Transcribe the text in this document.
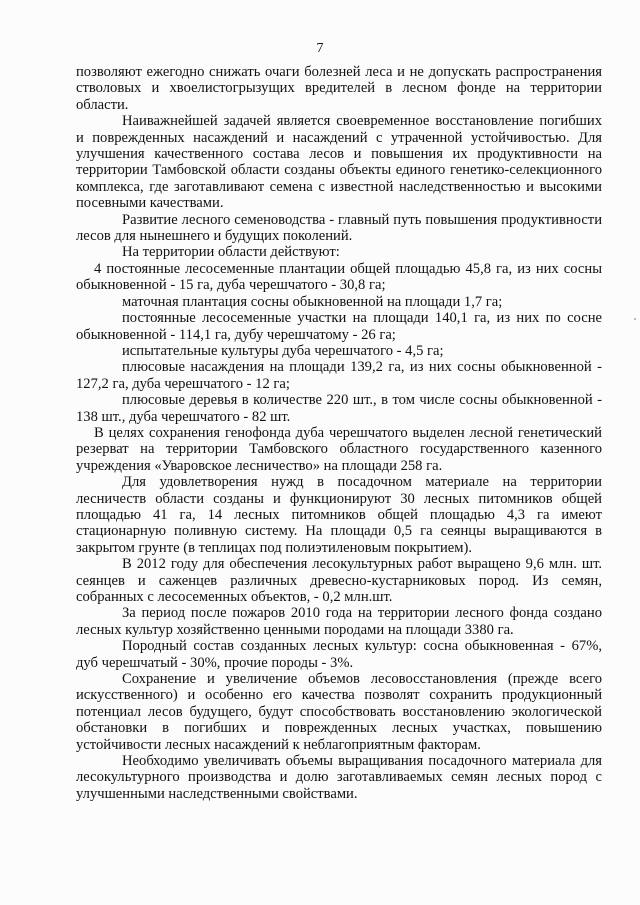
7

позволяют ежегодно снижать очаги болезней леса и не допускать распространения стволовых и хвоелистогрызущих вредителей в лесном фонде на территории области.

Наиважнейшей задачей является своевременное восстановление погибших и поврежденных насаждений и насаждений с утраченной устойчивостью. Для улучшения качественного состава лесов и повышения их продуктивности на территории Тамбовской области созданы объекты единого генетико-селекционного комплекса, где заготавливают семена с известной наследственностью и высокими посевными качествами.

Развитие лесного семеноводства - главный путь повышения продуктивности лесов для нынешнего и будущих поколений.

На территории области действуют:

4 постоянные лесосеменные плантации общей площадью 45,8 га, из них сосны обыкновенной - 15 га, дуба черешчатого - 30,8 га;

маточная плантация сосны обыкновенной на площади 1,7 га;

постоянные лесосеменные участки на площади 140,1 га, из них по сосне обыкновенной - 114,1 га, дубу черешчатому - 26 га;

испытательные культуры дуба черешчатого - 4,5 га;

плюсовые насаждения на площади 139,2 га, из них сосны обыкновенной - 127,2 га, дуба черешчатого - 12 га;

плюсовые деревья в количестве 220 шт., в том числе сосны обыкновенной - 138 шт., дуба черешчатого - 82 шт.

В целях сохранения генофонда дуба черешчатого выделен лесной генетический резерват на территории Тамбовского областного государственного казенного учреждения «Уваровское лесничество» на площади 258 га.

Для удовлетворения нужд в посадочном материале на территории лесничеств области созданы и функционируют 30 лесных питомников общей площадью 41 га, 14 лесных питомников общей площадью 4,3 га имеют стационарную поливную систему. На площади 0,5 га сеянцы выращиваются в закрытом грунте (в теплицах под полиэтиленовым покрытием).

В 2012 году для обеспечения лесокультурных работ выращено 9,6 млн. шт. сеянцев и саженцев различных древесно-кустарниковых пород. Из семян, собранных с лесосеменных объектов, - 0,2 млн.шт.

За период после пожаров 2010 года на территории лесного фонда создано лесных культур хозяйственно ценными породами на площади 3380 га.

Породный состав созданных лесных культур: сосна обыкновенная - 67%, дуб черешчатый - 30%, прочие породы - 3%.

Сохранение и увеличение объемов лесовосстановления (прежде всего искусственного) и особенно его качества позволят сохранить продукционный потенциал лесов будущего, будут способствовать восстановлению экологической обстановки в погибших и поврежденных лесных участках, повышению устойчивости лесных насаждений к неблагоприятным факторам.

Необходимо увеличивать объемы выращивания посадочного материала для лесокультурного производства и долю заготавливаемых семян лесных пород с улучшенными наследственными свойствами.
